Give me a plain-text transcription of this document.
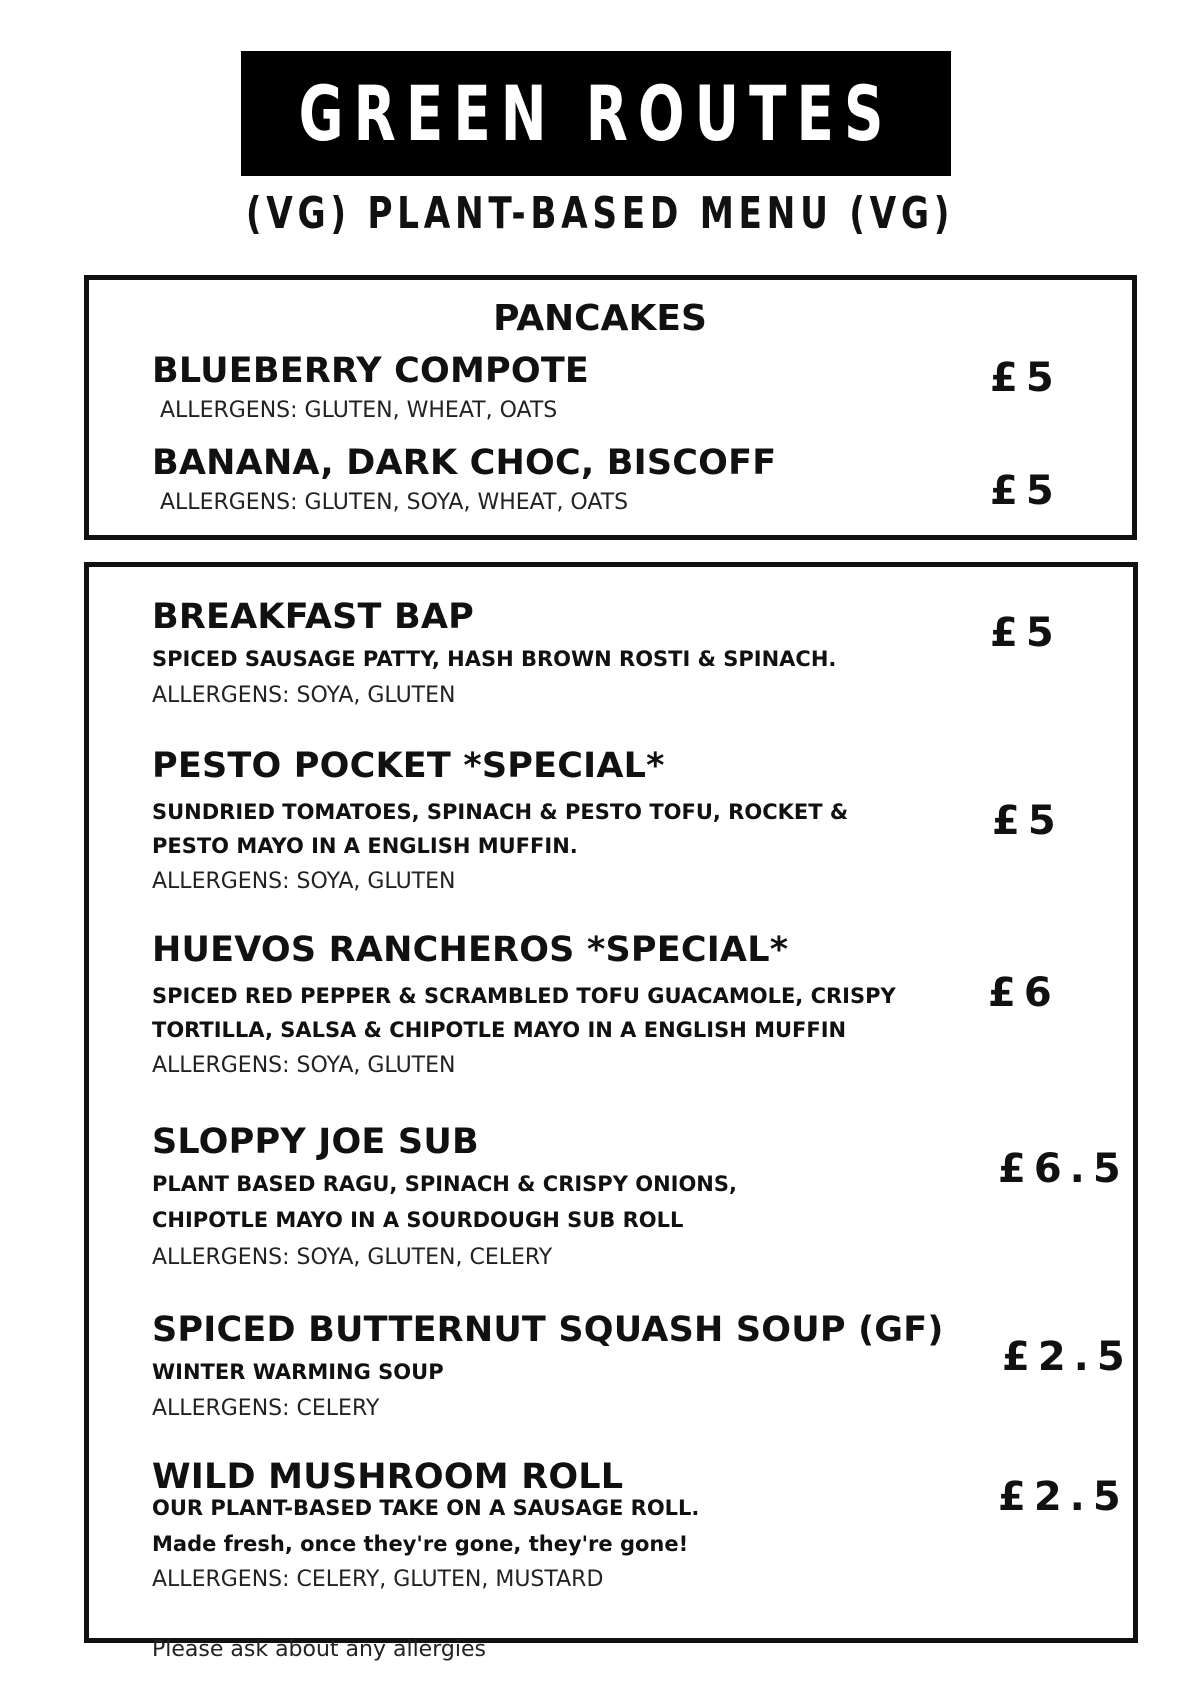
GREEN ROUTES
(VG) PLANT-BASED MENU (VG)
PANCAKES
BLUEBERRY COMPOTE
ALLERGENS: GLUTEN, WHEAT, OATS
£5
BANANA, DARK CHOC, BISCOFF
ALLERGENS: GLUTEN, SOYA, WHEAT, OATS	£5
BREAKFAST BAP
SPICED SAUSAGE PATTY, HASH BROWN ROSTI & SPINACH.
ALLERGENS: SOYA, GLUTEN
£5
PESTO POCKET *SPECIAL*
SUNDRIED TOMATOES, SPINACH & PESTO TOFU, ROCKET &
PESTO MAYO IN A ENGLISH MUFFIN.
ALLERGENS: SOYA, GLUTEN
£5
HUEVOS RANCHEROS *SPECIAL*
SPICED RED PEPPER & SCRAMBLED TOFU GUACAMOLE, CRISPY
TORTILLA, SALSA & CHIPOTLE MAYO IN A ENGLISH MUFFIN
ALLERGENS: SOYA, GLUTEN
£6
SLOPPY JOE SUB
PLANT BASED RAGU, SPINACH & CRISPY ONIONS,
CHIPOTLE MAYO IN A SOURDOUGH SUB ROLL
ALLERGENS: SOYA, GLUTEN, CELERY
£6.5
SPICED BUTTERNUT SQUASH SOUP (GF)
WINTER WARMING SOUP
ALLERGENS: CELERY
£2.5
WILD MUSHROOM ROLL
OUR PLANT-BASED TAKE ON A SAUSAGE ROLL.
Made fresh, once they're gone, they're gone!
ALLERGENS: CELERY, GLUTEN, MUSTARD
£2.5
Please ask about any allergies
